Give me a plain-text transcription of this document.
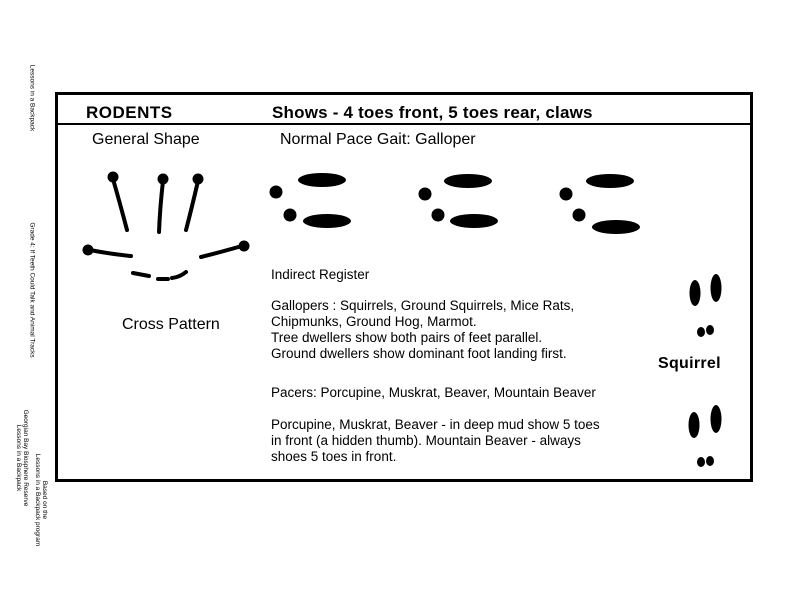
Lessons in a Backpack
Grade 4: If Teeth Could Talk and Animal Tracks
Georgian Bay Biosphere Reserve
Lessons in a Backpack
Based on the
Lessons in a Backpack program
RODENTS	Shows - 4 toes front, 5 toes rear, claws
General Shape	Normal Pace Gait: Galloper
Cross Pattern
Squirrel
Indirect Register

Gallopers : Squirrels, Ground Squirrels, Mice Rats,

Chipmunks, Ground Hog, Marmot.

Tree dwellers show both pairs of feet parallel.

Ground dwellers show dominant foot landing first.

Pacers: Porcupine, Muskrat, Beaver, Mountain Beaver

Porcupine, Muskrat, Beaver - in deep mud show 5 toes

in front (a hidden thumb). Mountain Beaver - always

shoes 5 toes in front.
